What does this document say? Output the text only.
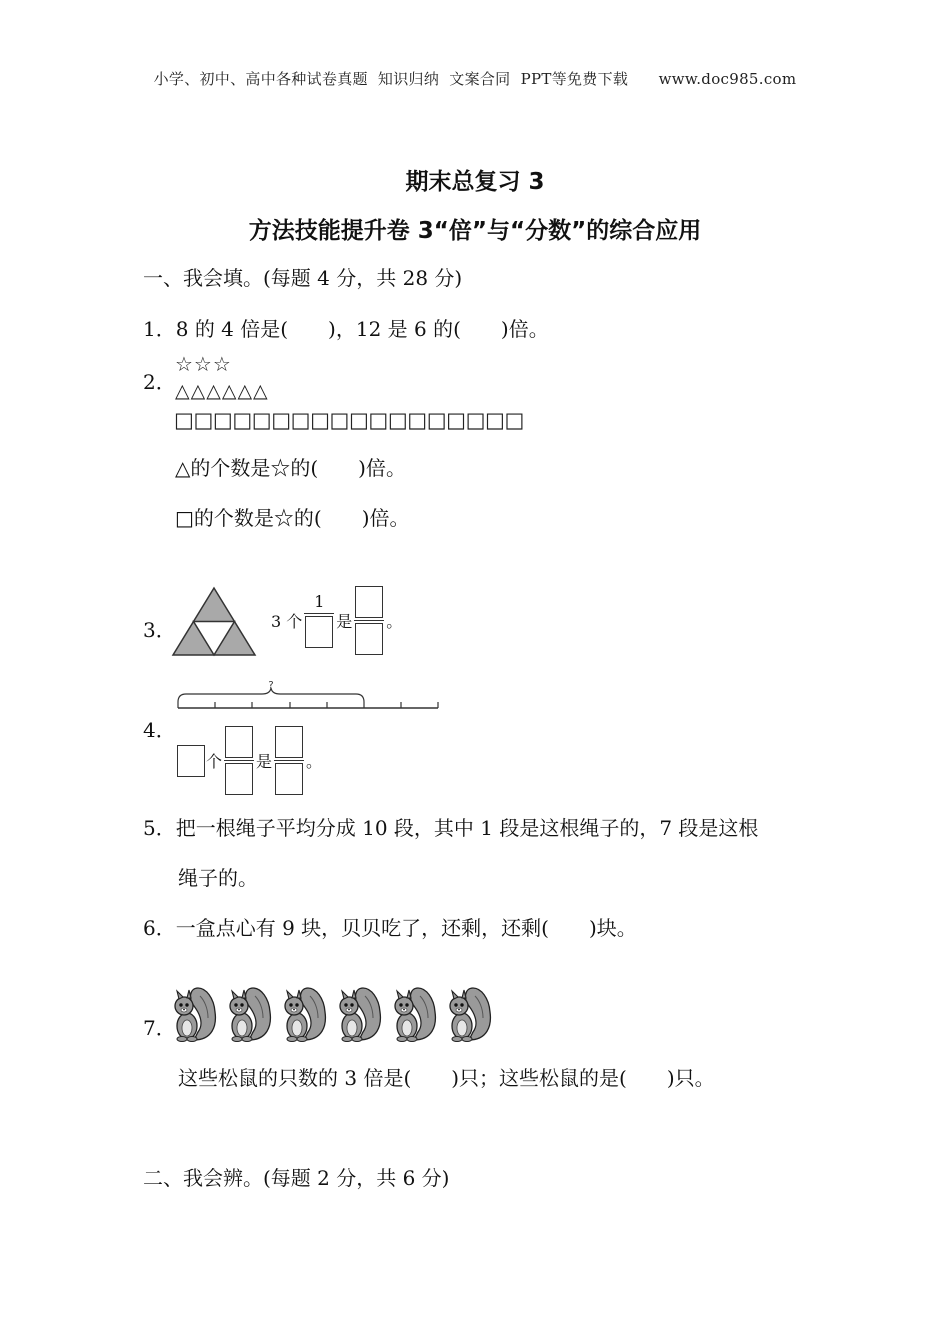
小学、初中、高中各种试卷真题  知识归纳  文案合同  PPT等免费下载      www.doc985.com
期末总复习 3
方法技能提升卷 3“倍”与“分数”的综合应用
一、我会填。(每题 4 分，共 28 分)
1．8 的 4 倍是(　　)，12 是 6 的(　　)倍。
2．
☆☆☆
△△△△△△
□□□□□□□□□□□□□□□□□□
△的个数是☆的(　　)倍。
□的个数是☆的(　　)倍。
3．	3 个
1
是 。
4．
?
个 是 。
5．把一根绳子平均分成 10 段，其中 1 段是这根绳子的，7 段是这根
绳子的。
6．一盒点心有 9 块，贝贝吃了，还剩，还剩(　　)块。
7．
这些松鼠的只数的 3 倍是(　　)只；这些松鼠的是(　　)只。
二、我会辨。(每题 2 分，共 6 分)
